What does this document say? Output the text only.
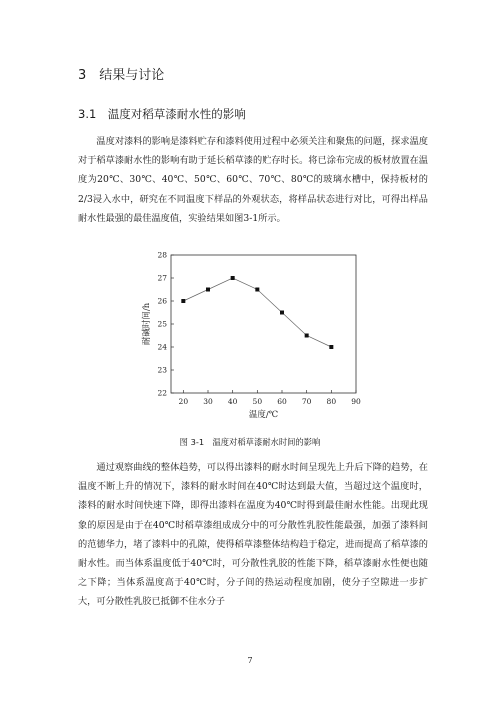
3　结果与讨论
3.1　温度对稻草漆耐水性的影响
温度对漆料的影响是漆料贮存和漆料使用过程中必须关注和聚焦的问题，探求温度对于稻草漆耐水性的影响有助于延长稻草漆的贮存时长。将已涂布完成的板材放置在温度为20℃、30℃、40℃、50℃、60℃、70℃、80℃的玻璃水槽中，保持板材的2/3浸入水中，研究在不同温度下样品的外观状态，将样品状态进行对比，可得出样品耐水性最强的最佳温度值，实验结果如图3-1所示。
20 30 40 50 60 70 80 90
22
23
24
25
26
27
28
温度/℃
耐碱时间/h
图 3-1　温度对稻草漆耐水时间的影响
通过观察曲线的整体趋势，可以得出漆料的耐水时间呈现先上升后下降的趋势，在温度不断上升的情况下，漆料的耐水时间在40℃时达到最大值，当超过这个温度时，漆料的耐水时间快速下降，即得出漆料在温度为40℃时得到最佳耐水性能。出现此现象的原因是由于在40℃时稻草漆组成成分中的可分散性乳胶性能最强，加强了漆料间的范德华力，堵了漆料中的孔隙，使得稻草漆整体结构趋于稳定，进而提高了稻草漆的耐水性。而当体系温度低于40℃时，可分散性乳胶的性能下降，稻草漆耐水性便也随之下降；当体系温度高于40℃时，分子间的热运动程度加剧，使分子空隙进一步扩大，可分散性乳胶已抵御不住水分子
7
